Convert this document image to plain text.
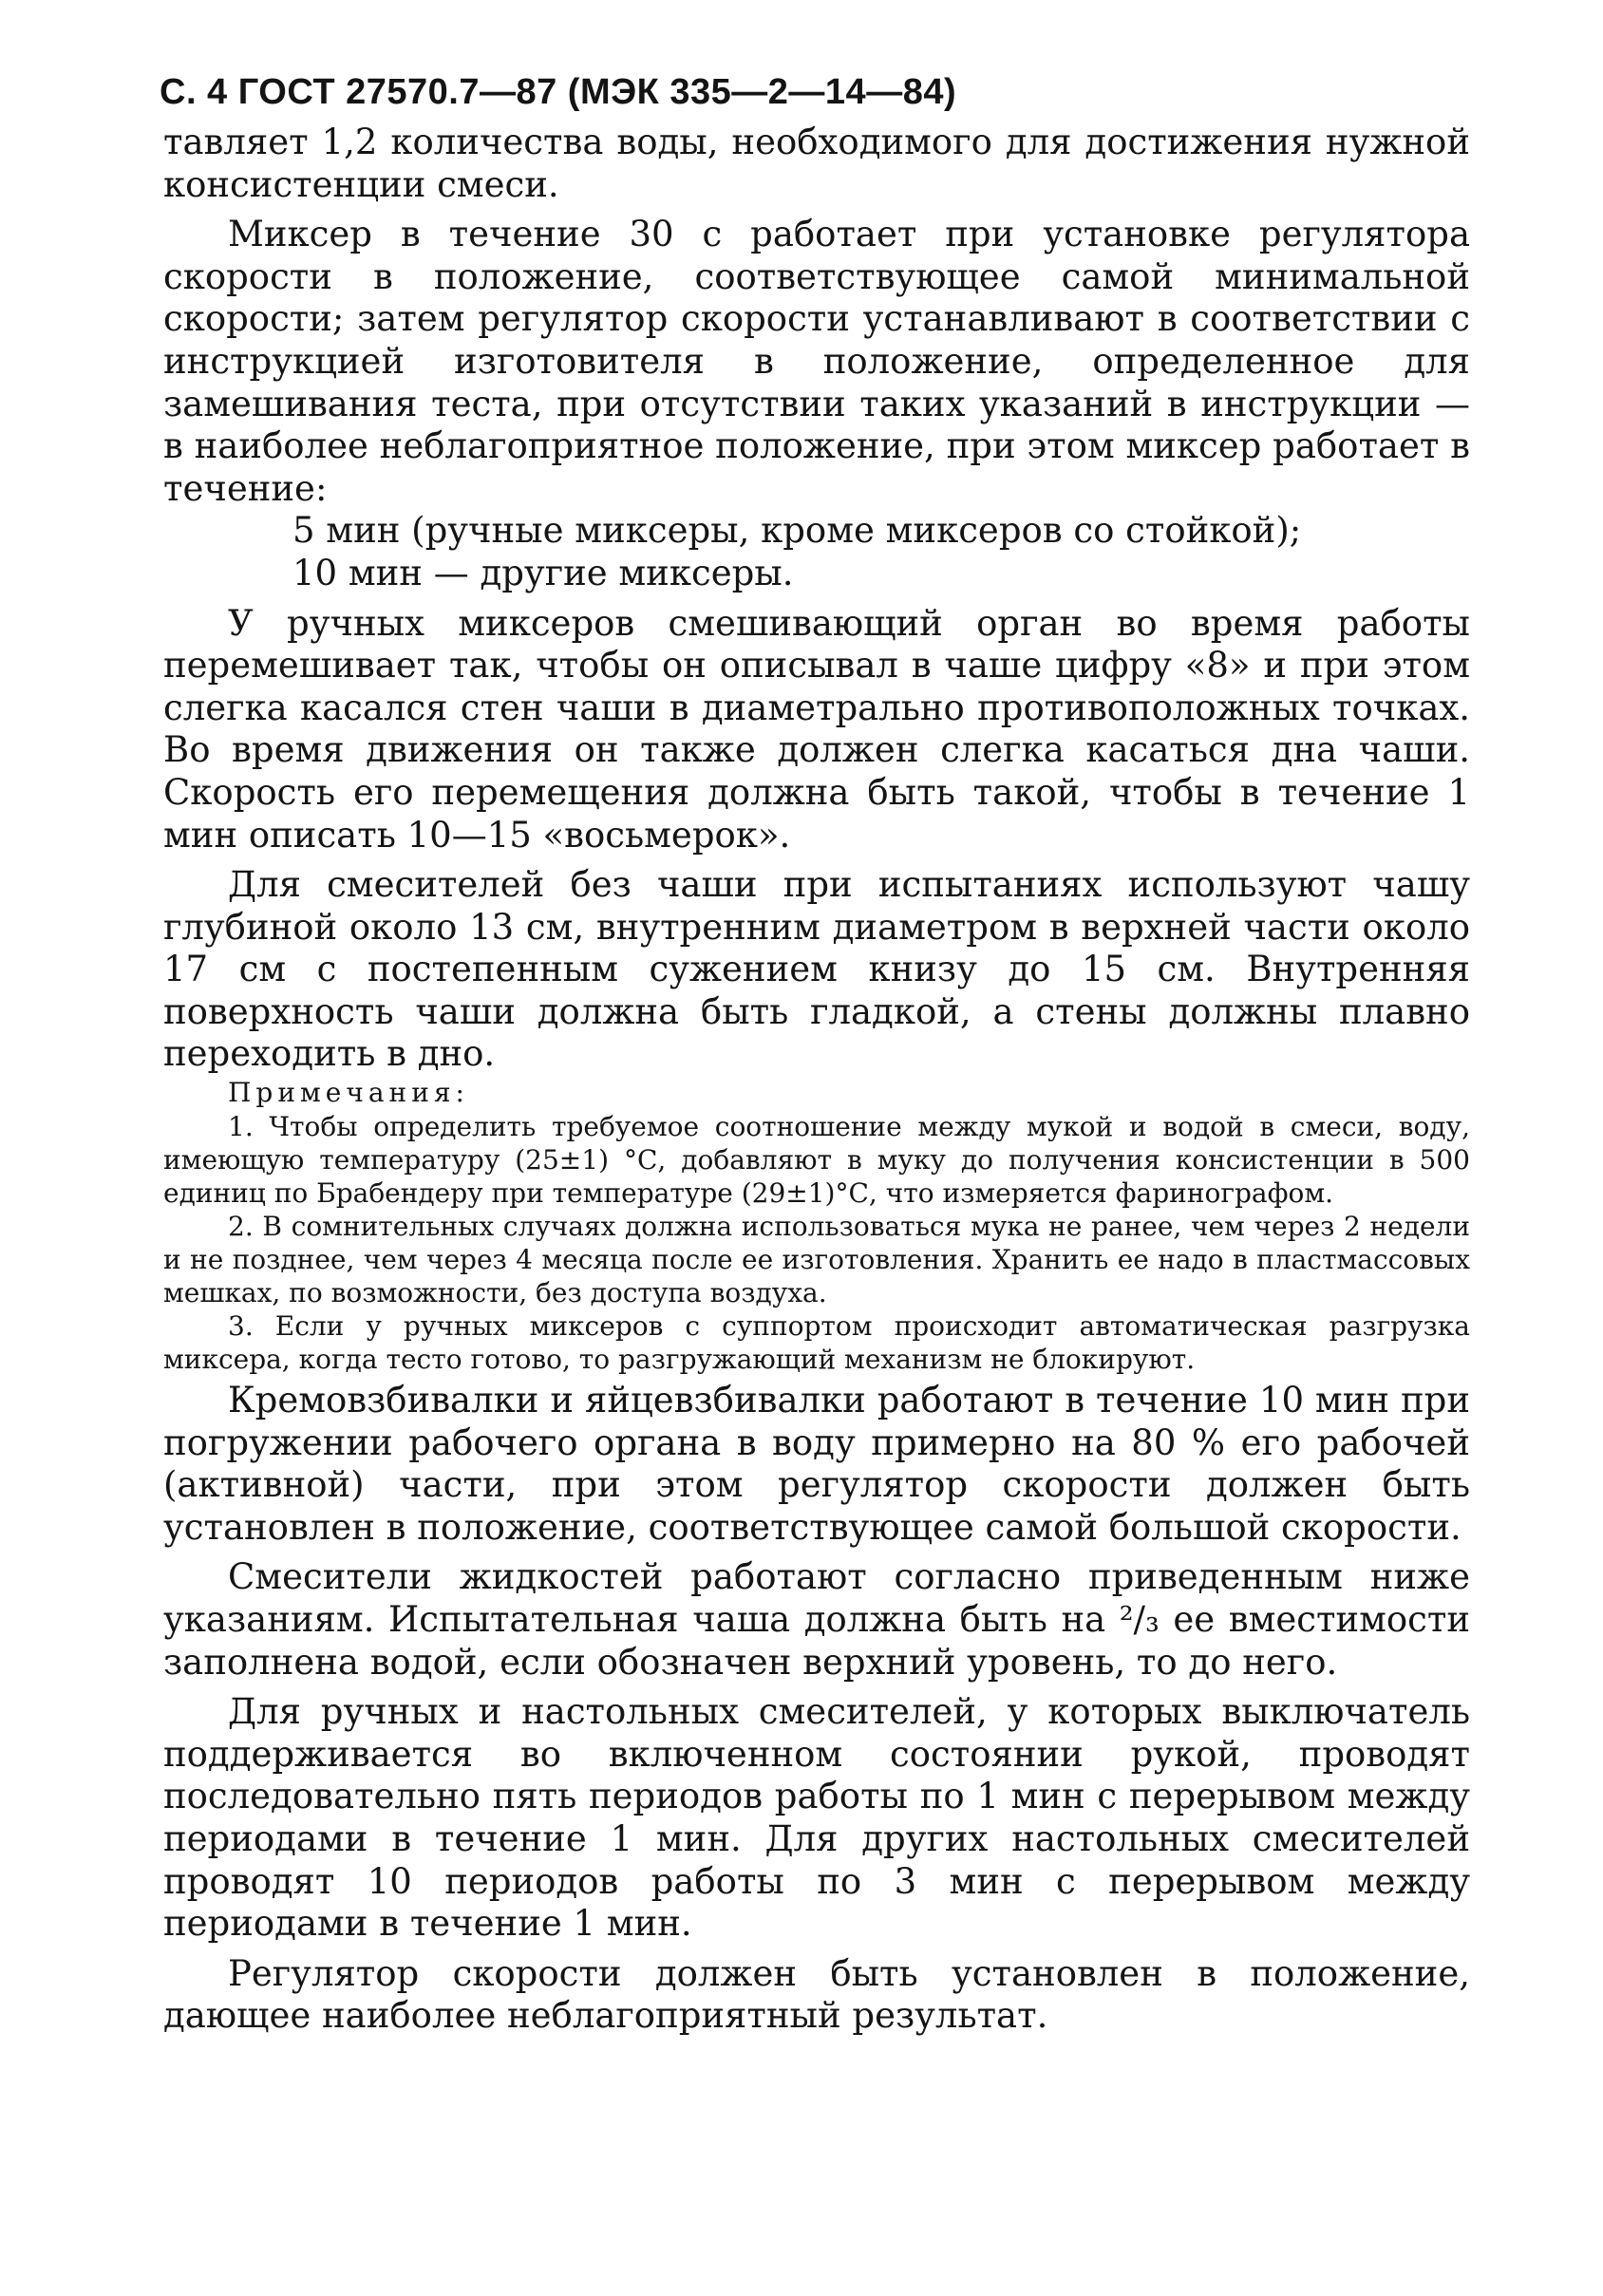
С. 4 ГОСТ 27570.7—87 (МЭК 335—2—14—84)

тавляет 1,2 количества воды, необходимого для достижения нужной консистенции смеси.

Миксер в течение 30 с работает при установке регулятора скорости в положение, соответствующее самой минимальной скорости; затем регулятор скорости устанавливают в соответствии с инструкцией изготовителя в положение, определенное для замешивания теста, при отсутствии таких указаний в инструкции — в наиболее неблагоприятное положение, при этом миксер работает в течение:

5 мин (ручные миксеры, кроме миксеров со стойкой);

10 мин — другие миксеры.

У ручных миксеров смешивающий орган во время работы перемешивает так, чтобы он описывал в чаше цифру «8» и при этом слегка касался стен чаши в диаметрально противоположных точках. Во время движения он также должен слегка касаться дна чаши. Скорость его перемещения должна быть такой, чтобы в течение 1 мин описать 10—15 «восьмерок».

Для смесителей без чаши при испытаниях используют чашу глубиной около 13 см, внутренним диаметром в верхней части около 17 см с постепенным сужением книзу до 15 см. Внутренняя поверхность чаши должна быть гладкой, а стены должны плавно переходить в дно.

Примечания:

1. Чтобы определить требуемое соотношение между мукой и водой в смеси, воду, имеющую температуру (25±1) °С, добавляют в муку до получения консистенции в 500 единиц по Брабендеру при температуре (29±1)°С, что измеряется фаринографом.

2. В сомнительных случаях должна использоваться мука не ранее, чем через 2 недели и не позднее, чем через 4 месяца после ее изготовления. Хранить ее надо в пластмассовых мешках, по возможности, без доступа воздуха.

3. Если у ручных миксеров с суппортом происходит автоматическая разгрузка миксера, когда тесто готово, то разгружающий механизм не блокируют.

Кремовзбивалки и яйцевзбивалки работают в течение 10 мин при погружении рабочего органа в воду примерно на 80 % его рабочей (активной) части, при этом регулятор скорости должен быть установлен в положение, соответствующее самой большой скорости.

Смесители жидкостей работают согласно приведенным ниже указаниям. Испытательная чаша должна быть на ²/₃ ее вместимости заполнена водой, если обозначен верхний уровень, то до него.

Для ручных и настольных смесителей, у которых выключатель поддерживается во включенном состоянии рукой, проводят последовательно пять периодов работы по 1 мин с перерывом между периодами в течение 1 мин. Для других настольных смесителей проводят 10 периодов работы по 3 мин с перерывом между периодами в течение 1 мин.

Регулятор скорости должен быть установлен в положение, дающее наиболее неблагоприятный результат.
